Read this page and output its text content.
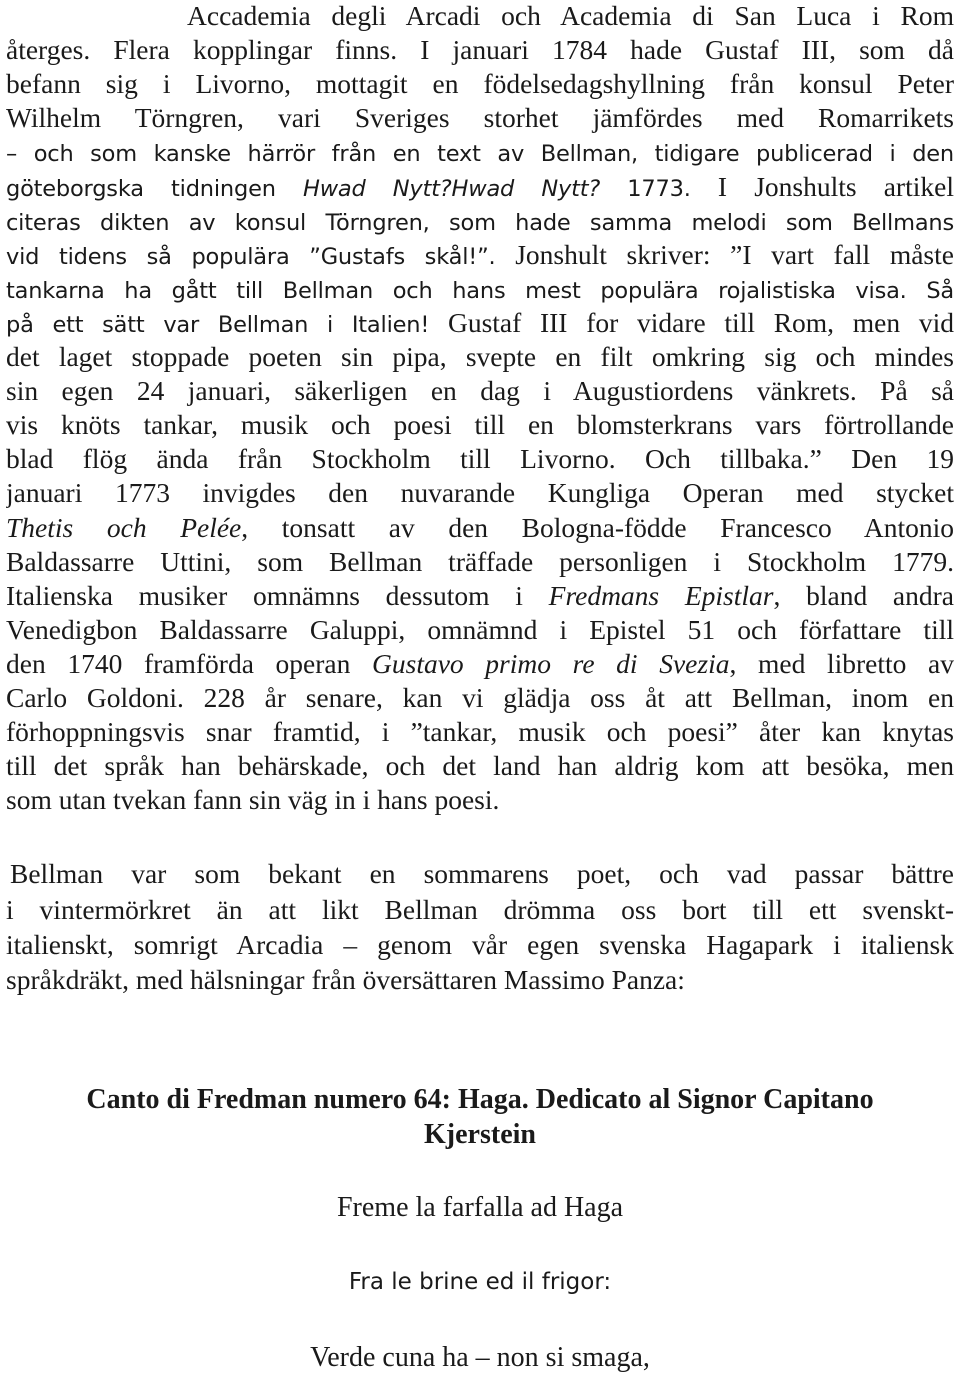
Accademia degli Arcadi och Academia di San Luca i Rom
återges. Flera kopplingar finns. I januari 1784 hade Gustaf III, som då
befann sig i Livorno, mottagit en födelsedagshyllning från konsul Peter
Wilhelm Törngren, vari Sveriges storhet jämfördes med Romarrikets
– och som kanske härrör från en text av Bellman, tidigare publicerad i den
göteborgska tidningen Hwad Nytt?Hwad Nytt? 1773. I Jonshults artikel
citeras dikten av konsul Törngren, som hade samma melodi som Bellmans
vid tidens så populära ”Gustafs skål!”. Jonshult skriver: ”I vart fall måste
tankarna ha gått till Bellman och hans mest populära rojalistiska visa. Så
på ett sätt var Bellman i Italien! Gustaf III for vidare till Rom, men vid
det laget stoppade poeten sin pipa, svepte en filt omkring sig och mindes
sin egen 24 januari, säkerligen en dag i Augustiordens vänkrets. På så
vis knöts tankar, musik och poesi till en blomsterkrans vars förtrollande
blad flög ända från Stockholm till Livorno. Och tillbaka.” Den 19
januari 1773 invigdes den nuvarande Kungliga Operan med stycket
Thetis och Pelée, tonsatt av den Bologna-födde Francesco Antonio
Baldassarre Uttini, som Bellman träffade personligen i Stockholm 1779.
Italienska musiker omnämns dessutom i Fredmans Epistlar, bland andra
Venedigbon Baldassarre Galuppi, omnämnd i Epistel 51 och författare till
den 1740 framförda operan Gustavo primo re di Svezia, med libretto av
Carlo Goldoni. 228 år senare, kan vi glädja oss åt att Bellman, inom en
förhoppningsvis snar framtid, i ”tankar, musik och poesi” åter kan knytas
till det språk han behärskade, och det land han aldrig kom att besöka, men
som utan tvekan fann sin väg in i hans poesi.
Bellman var som bekant en sommarens poet, och vad passar bättre
i vintermörkret än att likt Bellman drömma oss bort till ett svenskt-
italienskt, somrigt Arcadia – genom vår egen svenska Hagapark i italiensk
språkdräkt, med hälsningar från översättaren Massimo Panza:
Canto di Fredman numero 64: Haga. Dedicato al Signor Capitano
Kjerstein
Freme la farfalla ad Haga
Fra le brine ed il frigor:
Verde cuna ha – non si smaga,
